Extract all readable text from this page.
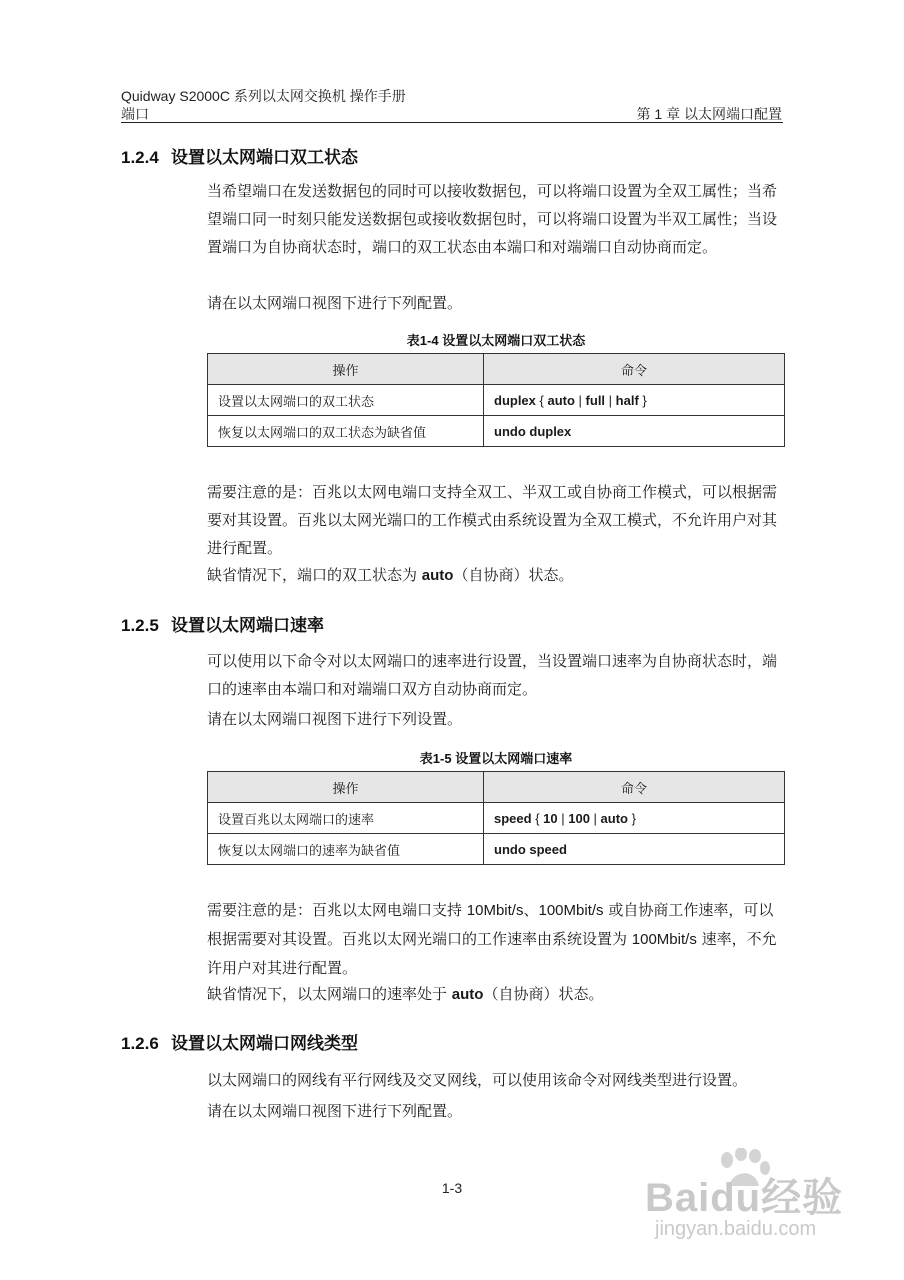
Quidway S2000C 系列以太网交换机 操作手册
端口	第 1 章 以太网端口配置
1.2.4 设置以太网端口双工状态
当希望端口在发送数据包的同时可以接收数据包，可以将端口设置为全双工属性；当希望端口同一时刻只能发送数据包或接收数据包时，可以将端口设置为半双工属性；当设置端口为自协商状态时，端口的双工状态由本端口和对端端口自动协商而定。
请在以太网端口视图下进行下列配置。
表1-4 设置以太网端口双工状态
操作	命令
设置以太网端口的双工状态	duplex { auto | full | half }
恢复以太网端口的双工状态为缺省值	undo duplex
需要注意的是：百兆以太网电端口支持全双工、半双工或自协商工作模式，可以根据需要对其设置。百兆以太网光端口的工作模式由系统设置为全双工模式，不允许用户对其进行配置。
缺省情况下，端口的双工状态为 auto（自协商）状态。
1.2.5 设置以太网端口速率
可以使用以下命令对以太网端口的速率进行设置，当设置端口速率为自协商状态时，端口的速率由本端口和对端端口双方自动协商而定。
请在以太网端口视图下进行下列设置。
表1-5 设置以太网端口速率
操作	命令
设置百兆以太网端口的速率	speed { 10 | 100 | auto }
恢复以太网端口的速率为缺省值	undo speed
需要注意的是：百兆以太网电端口支持 10Mbit/s、100Mbit/s 或自协商工作速率，可以根据需要对其设置。百兆以太网光端口的工作速率由系统设置为 100Mbit/s 速率，不允许用户对其进行配置。
缺省情况下，以太网端口的速率处于 auto（自协商）状态。
1.2.6 设置以太网端口网线类型
以太网端口的网线有平行网线及交叉网线，可以使用该命令对网线类型进行设置。
请在以太网端口视图下进行下列配置。
1-3	Baidu经验
jingyan.baidu.com
